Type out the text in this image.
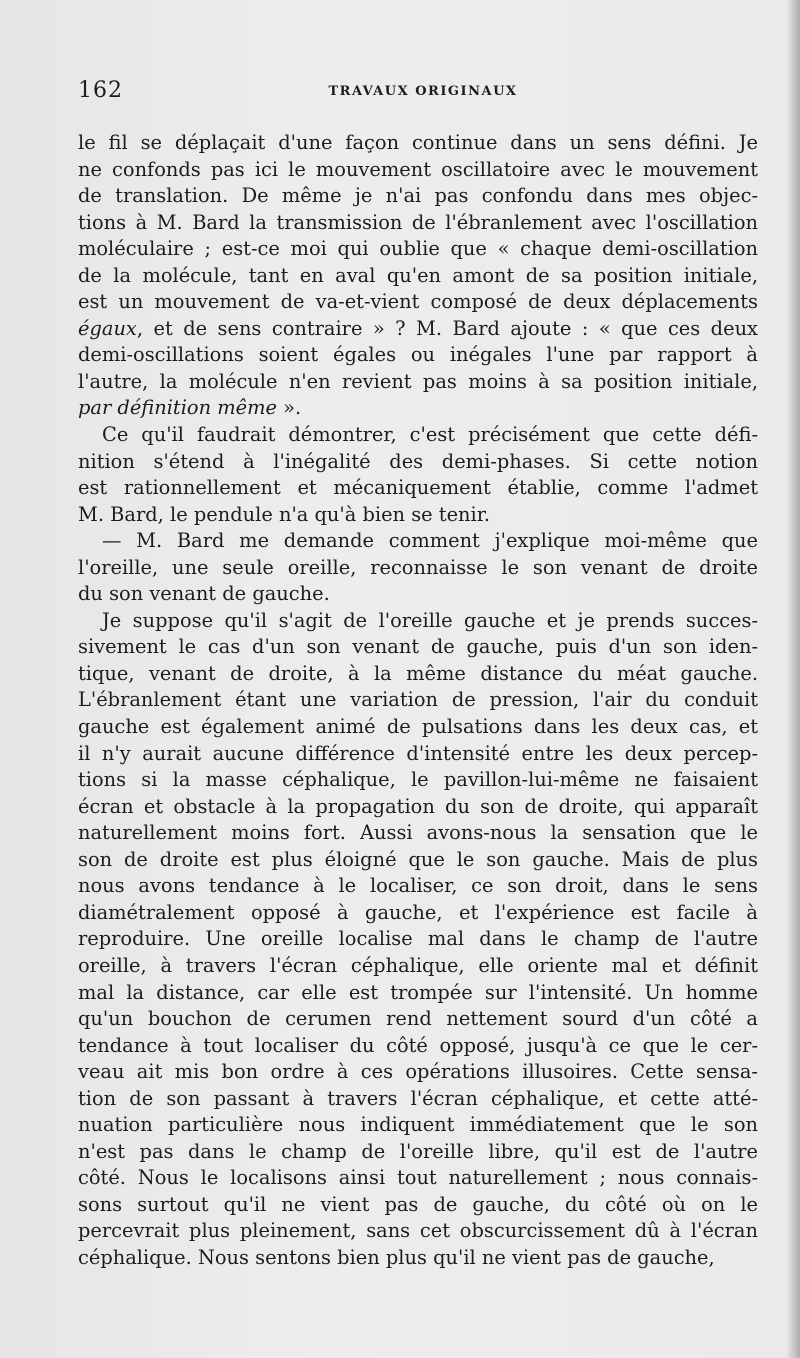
162	TRAVAUX ORIGINAUX

le fil se déplaçait d'une façon continue dans un sens défini. Je

ne confonds pas ici le mouvement oscillatoire avec le mouvement

de translation. De même je n'ai pas confondu dans mes objec-

tions à M. Bard la transmission de l'ébranlement avec l'oscillation

moléculaire ; est-ce moi qui oublie que « chaque demi-oscillation

de la molécule, tant en aval qu'en amont de sa position initiale,

est un mouvement de va-et-vient composé de deux déplacements

égaux, et de sens contraire » ? M. Bard ajoute : « que ces deux

demi-oscillations soient égales ou inégales l'une par rapport à

l'autre, la molécule n'en revient pas moins à sa position initiale,

par définition même ».

Ce qu'il faudrait démontrer, c'est précisément que cette défi-

nition s'étend à l'inégalité des demi-phases. Si cette notion

est rationnellement et mécaniquement établie, comme l'admet

M. Bard, le pendule n'a qu'à bien se tenir.

— M. Bard me demande comment j'explique moi-même que

l'oreille, une seule oreille, reconnaisse le son venant de droite

du son venant de gauche.

Je suppose qu'il s'agit de l'oreille gauche et je prends succes-

sivement le cas d'un son venant de gauche, puis d'un son iden-

tique, venant de droite, à la même distance du méat gauche.

L'ébranlement étant une variation de pression, l'air du conduit

gauche est également animé de pulsations dans les deux cas, et

il n'y aurait aucune différence d'intensité entre les deux percep-

tions si la masse céphalique, le pavillon-lui-même ne faisaient

écran et obstacle à la propagation du son de droite, qui apparaît

naturellement moins fort. Aussi avons-nous la sensation que le

son de droite est plus éloigné que le son gauche. Mais de plus

nous avons tendance à le localiser, ce son droit, dans le sens

diamétralement opposé à gauche, et l'expérience est facile à

reproduire. Une oreille localise mal dans le champ de l'autre

oreille, à travers l'écran céphalique, elle oriente mal et définit

mal la distance, car elle est trompée sur l'intensité. Un homme

qu'un bouchon de cerumen rend nettement sourd d'un côté a

tendance à tout localiser du côté opposé, jusqu'à ce que le cer-

veau ait mis bon ordre à ces opérations illusoires. Cette sensa-

tion de son passant à travers l'écran céphalique, et cette atté-

nuation particulière nous indiquent immédiatement que le son

n'est pas dans le champ de l'oreille libre, qu'il est de l'autre

côté. Nous le localisons ainsi tout naturellement ; nous connais-

sons surtout qu'il ne vient pas de gauche, du côté où on le

percevrait plus pleinement, sans cet obscurcissement dû à l'écran

céphalique. Nous sentons bien plus qu'il ne vient pas de gauche,
